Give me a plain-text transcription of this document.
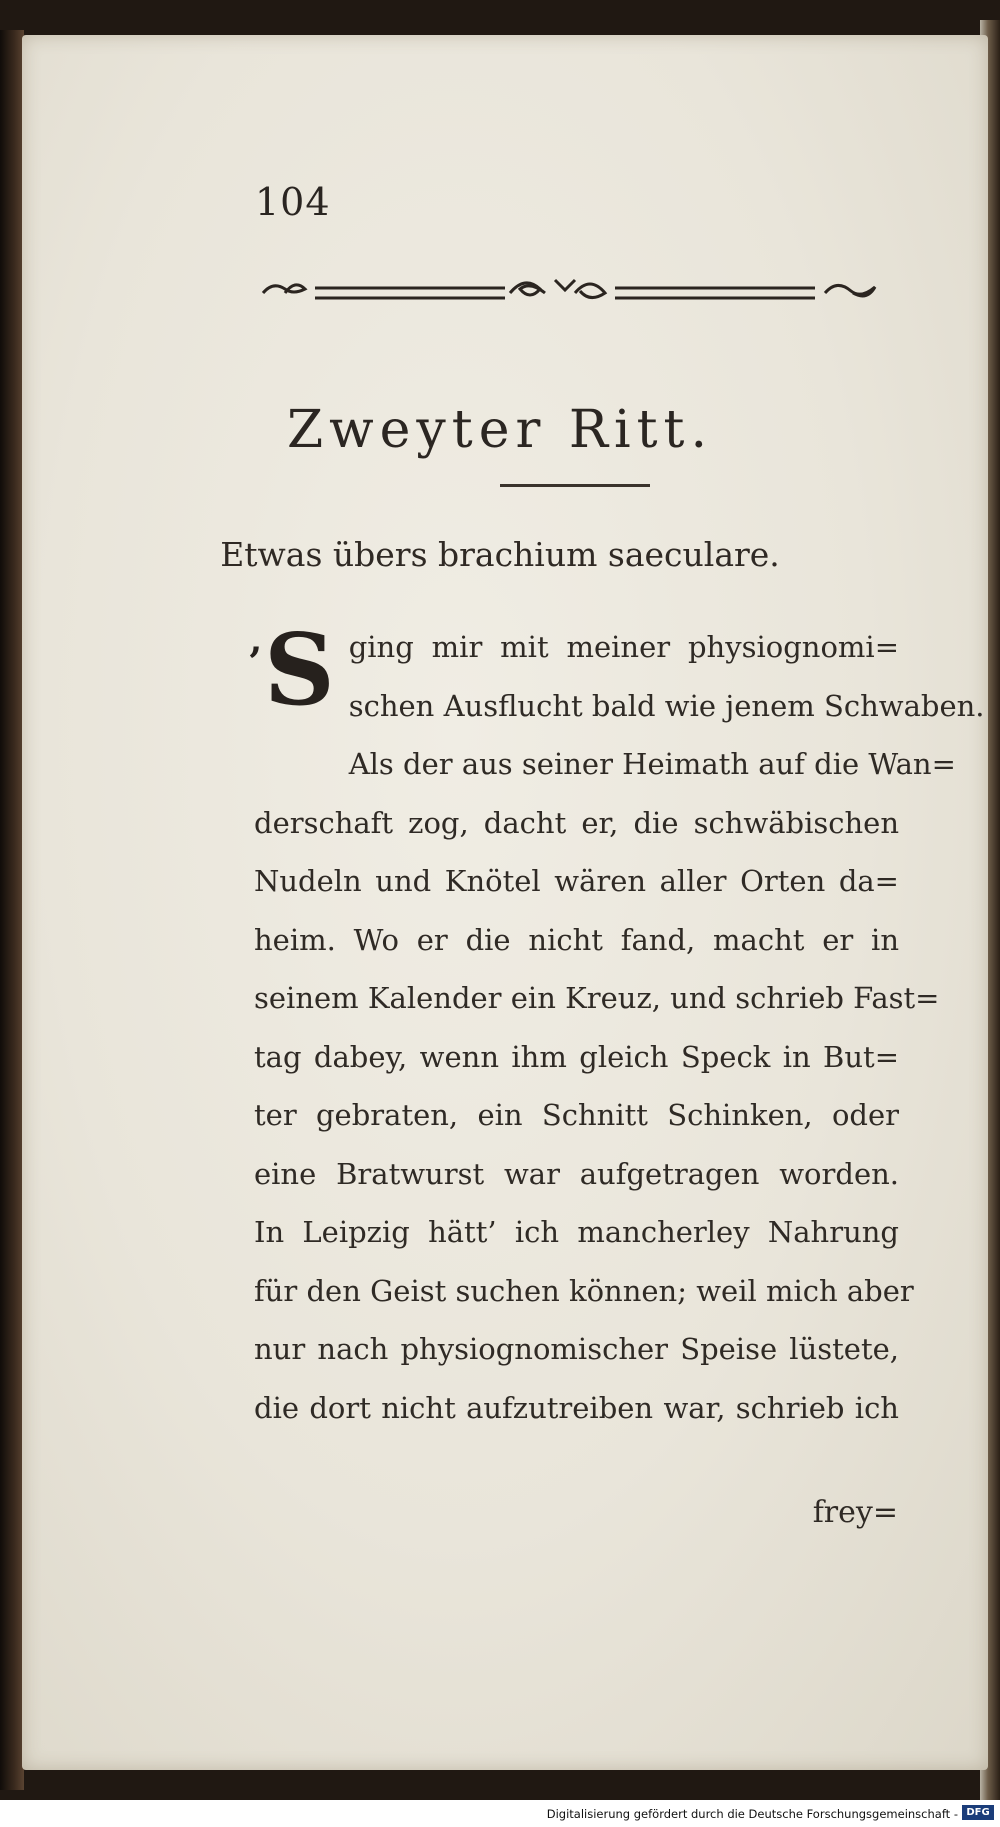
104
Zweyter Ritt.
Etwas übers brachium saeculare.
’S ging mir mit meiner physiognomi=
schen Ausflucht bald wie jenem Schwaben.
Als der aus seiner Heimath auf die Wan=
derschaft zog, dacht er, die schwäbischen
Nudeln und Knötel wären aller Orten da=
heim. Wo er die nicht fand, macht er in
seinem Kalender ein Kreuz, und schrieb Fast=
tag dabey, wenn ihm gleich Speck in But=
ter gebraten, ein Schnitt Schinken, oder
eine Bratwurst war aufgetragen worden.
In Leipzig hätt’ ich mancherley Nahrung
für den Geist suchen können; weil mich aber
nur nach physiognomischer Speise lüstete,
die dort nicht aufzutreiben war, schrieb ich
frey=
Digitalisierung gefördert durch die Deutsche Forschungsgemeinschaft - DFG
